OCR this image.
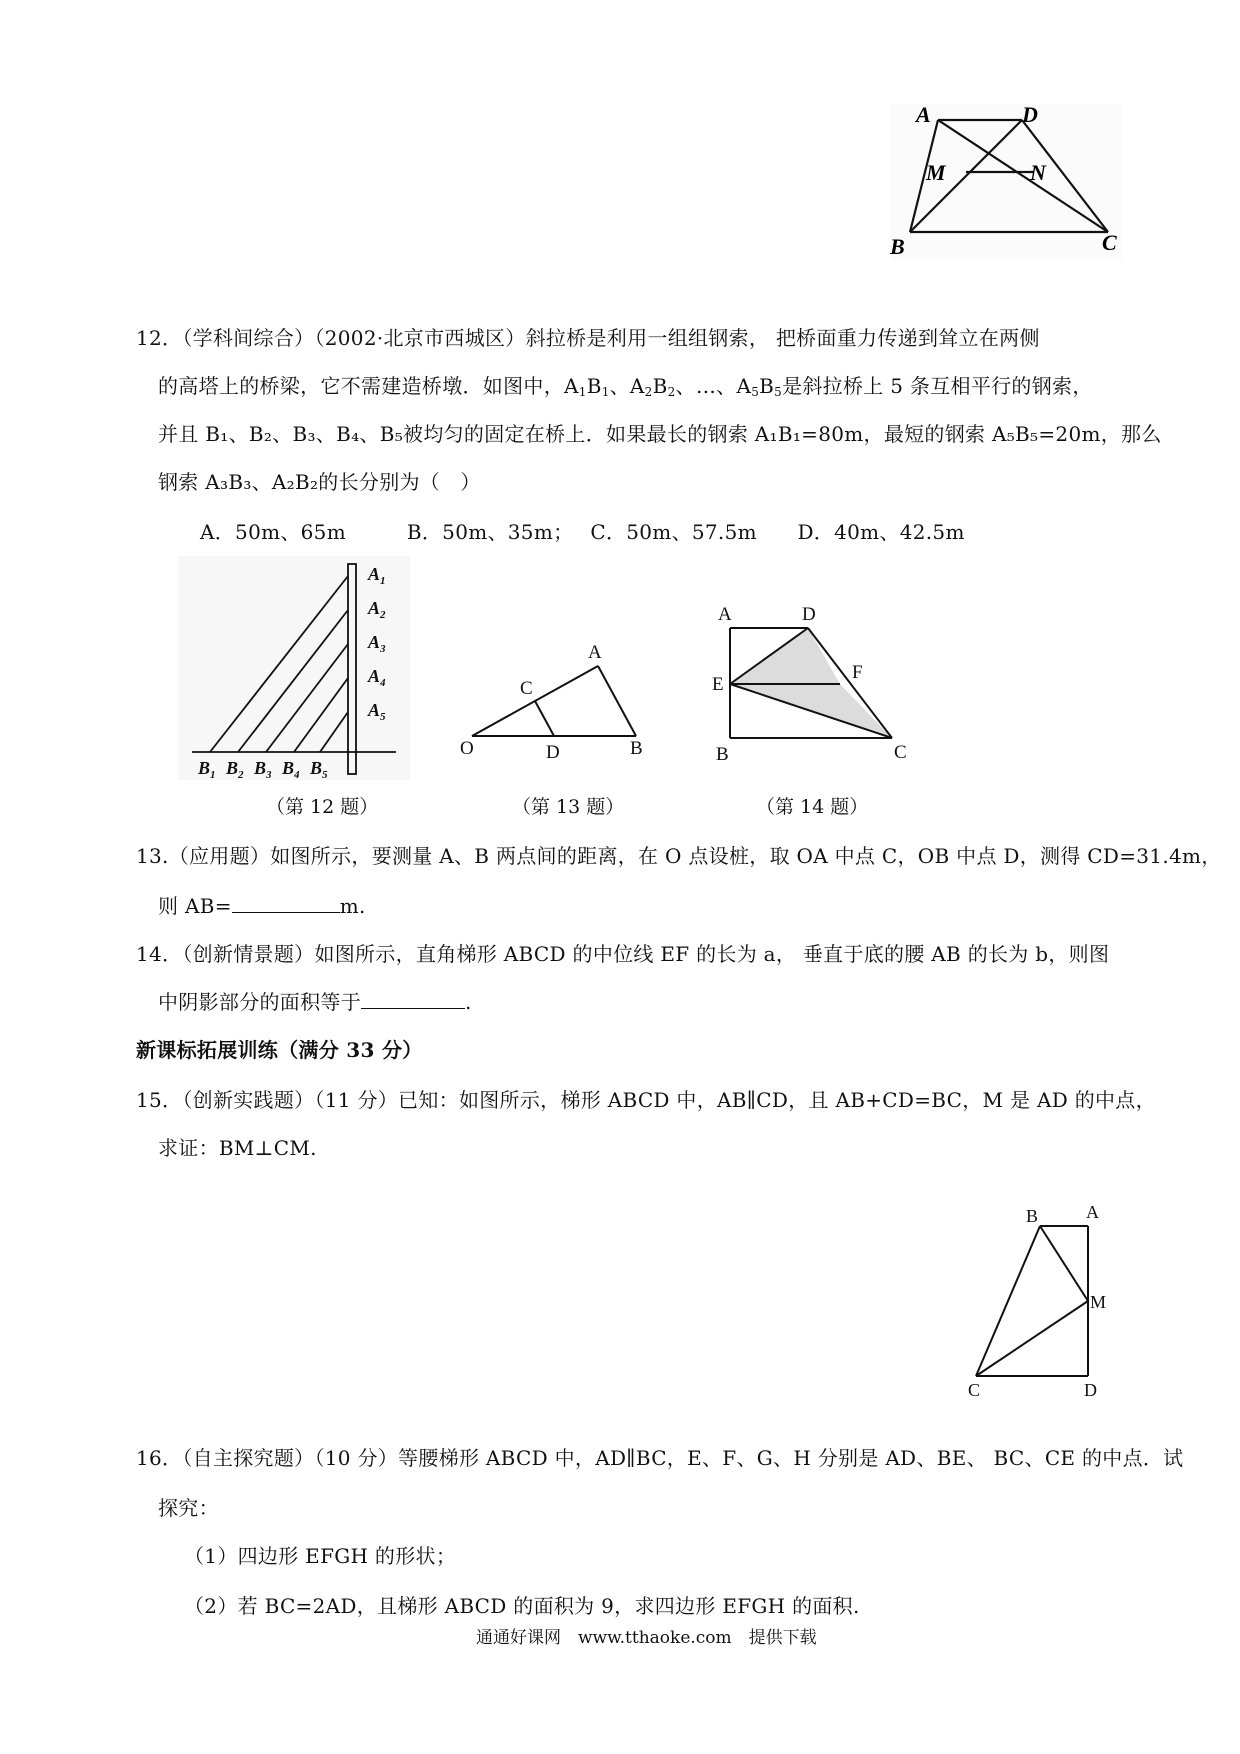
A	D
M	N
B	C
12．（学科间综合）（2002·北京市西城区）斜拉桥是利用一组组钢索， 把桥面重力传递到耸立在两侧
的高塔上的桥梁，它不需建造桥墩．如图中，$A_1B_1$、$A_2B_2$、…、$A_5B_5$是斜拉桥上 5 条互相平行的钢索，
并且 B₁、B₂、B₃、B₄、B₅被均匀的固定在桥上．如果最长的钢索 A₁B₁=80m，最短的钢索 A₅B₅=20m，那么
钢索 A₃B₃、A₂B₂的长分别为（　）
A．50m、65m　　　B．50m、35m；　 C．50m、57.5m　　D．40m、42.5m
$A_1$
$A_2$
$A_3$
$A_4$
$A_5$
$B_1$ $B_2$ $B_3$ $B_4$ $B_5$
（第 12 题）
A
C
O	D	B
（第 13 题）
A	D
E
F
B	C
（第 14 题）
13.（应用题）如图所示，要测量 A、B 两点间的距离，在 O 点设桩，取 OA 中点 C，OB 中点 D，测得 CD=31.4m，
则 AB=	m.
14．（创新情景题）如图所示，直角梯形 ABCD 的中位线 EF 的长为 a， 垂直于底的腰 AB 的长为 b，则图
中阴影部分的面积等于	.
新课标拓展训练（满分 33 分）
15．（创新实践题）（11 分）已知：如图所示，梯形 ABCD 中，AB∥CD，且 AB+CD=BC，M 是 AD 的中点，
求证：BM⊥CM.
B	A
M
C	D
16．（自主探究题）（10 分）等腰梯形 ABCD 中，AD∥BC，E、F、G、H 分别是 AD、BE、 BC、CE 的中点．试
探究：
（1）四边形 EFGH 的形状；
（2）若 BC=2AD，且梯形 ABCD 的面积为 9，求四边形 EFGH 的面积.
通通好课网　www.tthaoke.com　提供下载
